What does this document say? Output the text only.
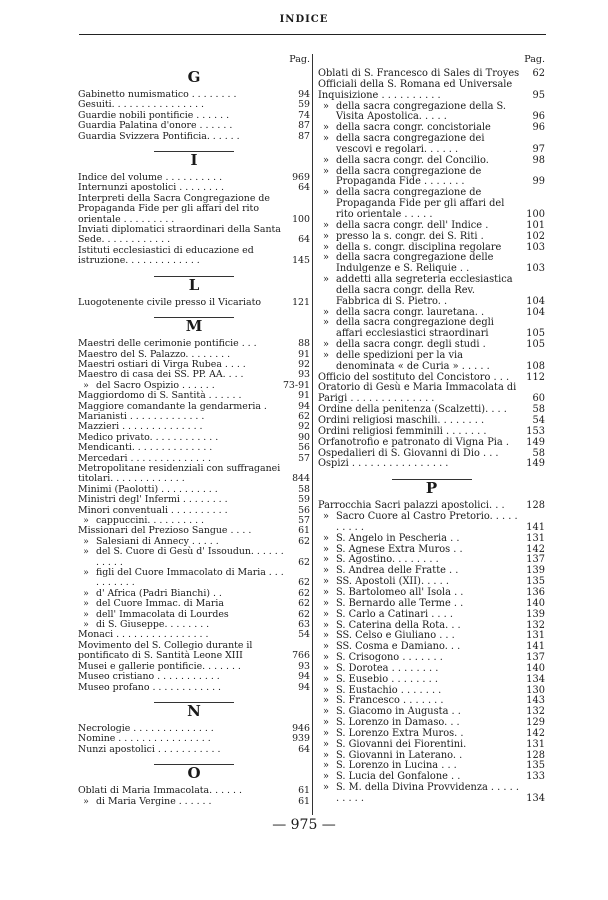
INDICE
Pag.
G
Gabinetto numismatico . . . . . . . .	94
Gesuiti. . . . . . . . . . . . . . . .	59
Guardie nobili pontificie . . . . . .	74
Guardia Palatina d'onore . . . . . .	87
Guardia Svizzera Pontificia. . . . . .	87
I
Indice del volume . . . . . . . . . .	969
Internunzi apostolici . . . . . . . .	64
Interpreti della Sacra Congregazione de Propaganda Fide per gli affari del rito orientale . . . . . . . . .	100
Inviati diplomatici straordinari della Santa Sede. . . . . . . . . . . .	64
Istituti ecclesiastici di educazione ed istruzione. . . . . . . . . . . . .	145
L
Luogotenente civile presso il Vicariato	121
M
Maestri delle cerimonie pontificie . . .	88
Maestro del S. Palazzo. . . . . . . .	91
Maestri ostiari di Virga Rubea . . . .	92
Maestro di casa dei SS. PP. AA. . . .	93
» del Sacro Ospizio . . . . . .	73-91
Maggiordomo di S. Santità . . . . . .	91
Maggiore comandante la gendarmeria .	94
Marianisti . . . . . . . . . . . . .	62
Mazzieri . . . . . . . . . . . . . .	92
Medico privato. . . . . . . . . . . .	90
Mendicanti. . . . . . . . . . . . . .	56
Mercedari . . . . . . . . . . . . . .	57
Metropolitane residenziali con suffraganei titolari. . . . . . . . . . . . .	844
Minimi (Paolotti) . . . . . . . . . .	58
Ministri degl' Infermi . . . . . . . .	59
Minori conventuali . . . . . . . . . .	56
» cappuccini. . . . . . . . . .	57
Missionari del Prezioso Sangue . . . .	61
» Salesiani di Annecy . . . . .	62
» del S. Cuore di Gesù d' Issoudun. . . . . . . . . . .	62
» figli del Cuore Immacolato di Maria . . . . . . . . . .	62
» d' Africa (Padri Bianchi) . .	62
» del Cuore Immac. di Maria	62
» dell' Immacolata di Lourdes	62
» di S. Giuseppe. . . . . . . .	63
Monaci . . . . . . . . . . . . . . . .	54
Movimento del S. Collegio durante il pontificato di S. Santità Leone XIII	766
Musei e gallerie pontificie. . . . . . .	93
Museo cristiano . . . . . . . . . . .	94
Museo profano . . . . . . . . . . . .	94
N
Necrologie . . . . . . . . . . . . . .	946
Nomine . . . . . . . . . . . . . . . .	939
Nunzi apostolici . . . . . . . . . . .	64
O
Oblati di Maria Immacolata. . . . . .	61
» di Maria Vergine . . . . . .	61
Pag.
Oblati di S. Francesco di Sales di Troyes	62
Officiali della S. Romana ed Universale Inquisizione . . . . . . . . . .	95
» della sacra congregazione della S. Visita Apostolica. . . . .	96
» della sacra congr. concistoriale	96
» della sacra congregazione dei vescovi e regolari. . . . . .	97
» della sacra congr. del Concilio.	98
» della sacra congregazione de Propaganda Fide . . . . . . .	99
» della sacra congregazione de Propaganda Fide per gli affari del rito orientale . . . . .	100
» della sacra congr. dell' Indice .	101
» presso la s. congr. dei S. Riti .	102
» della s. congr. disciplina regolare	103
» della sacra congregazione delle Indulgenze e S. Reliquie . .	103
» addetti alla segreteria ecclesiastica della sacra congr. della Rev. Fabbrica di S. Pietro. .	104
» della sacra congr. lauretana. .	104
» della sacra congregazione degli affari ecclesiastici straordinari	105
» della sacra congr. degli studi .	105
» delle spedizioni per la via denominata « de Curia » . . . . .	108
Officio del sostituto del Concistoro . . .	112
Oratorio di Gesù e Maria Immacolata di Parigi . . . . . . . . . . . . . .	60
Ordine della penitenza (Scalzetti). . . .	58
Ordini religiosi maschili. . . . . . . .	54
Ordini religiosi femminili . . . . . . .	153
Orfanotrofio e patronato di Vigna Pia .	149
Ospedalieri di S. Giovanni di Dio . . .	58
Ospizi . . . . . . . . . . . . . . . .	149
P
Parrocchia Sacri palazzi apostolici. . .	128
» Sacro Cuore al Castro Pretorio. . . . . . . . . .	141
» S. Angelo in Pescheria . .	131
» S. Agnese Extra Muros . .	142
» S. Agostino. . . . . . . .	137
» S. Andrea delle Fratte . .	139
» SS. Apostoli (XII). . . . .	135
» S. Bartolomeo all' Isola . .	136
» S. Bernardo alle Terme . .	140
» S. Carlo a Catinari . . . .	139
» S. Caterina della Rota. . .	132
» SS. Celso e Giuliano . . .	131
» SS. Cosma e Damiano. . .	141
» S. Crisogono . . . . . . .	137
» S. Dorotea . . . . . . . .	140
» S. Eusebio . . . . . . . .	134
» S. Eustachio . . . . . . .	130
» S. Francesco . . . . . . .	143
» S. Giacomo in Augusta . .	132
» S. Lorenzo in Damaso. . .	129
» S. Lorenzo Extra Muros. .	142
» S. Giovanni dei Fiorentini.	131
» S. Giovanni in Laterano. .	128
» S. Lorenzo in Lucina . . .	135
» S. Lucia del Gonfalone . .	133
» S. M. della Divina Provvidenza . . . . . . . . . .	134
— 975 —
